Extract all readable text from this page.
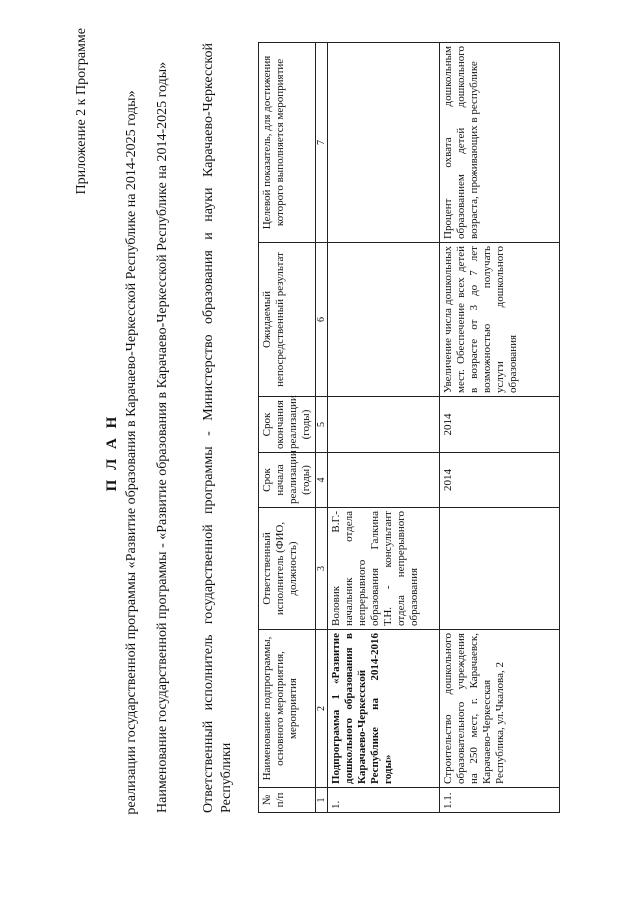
Приложение 2 к Программе
П Л А Н реализации государственной программы «Развитие образования в Карачаево-Черкесской Республике на 2014-2025 годы» Наименование государственной программы - «Развитие образования в Карачаево-Черкесской Республике на 2014-2025 годы» Ответственный исполнитель государственной программы - Министерство образования и науки Карачаево-Черкесской Республики № п/п	Наименование подпрограммы, основного мероприятия, мероприятия	Ответственный исполнитель (ФИО, должность)	Срок начала реализации (годы)	Срок окончания реализации (годы)	Ожидаемый непосредственный результат	Целевой показатель, для достижения которого выполняется мероприятие
1	2	3	4	5	6	7
1.	Подпрограмма 1 «Развитие дошкольного образования в Карачаево-Черкесской Республике на 2014-2016 годы»	Воловик В.Г.- начальник отдела непрерывного образования Галкина Т.Н. - консультант отдела непрерывного образования				
1.1.	Строительство дошкольного образовательного учреждения на 250 мест, г. Карачаевск, Карачаево-Черкесская Республика, ул.Чкалова, 2		2014	2014	Увеличение числа дошкольных мест. Обеспечение всех детей в возрасте от 3 до 7 лет возможностью получать услуги дошкольного образования	Процент охвата дошкольным образованием детей дошкольного возраста, проживающих в республике
